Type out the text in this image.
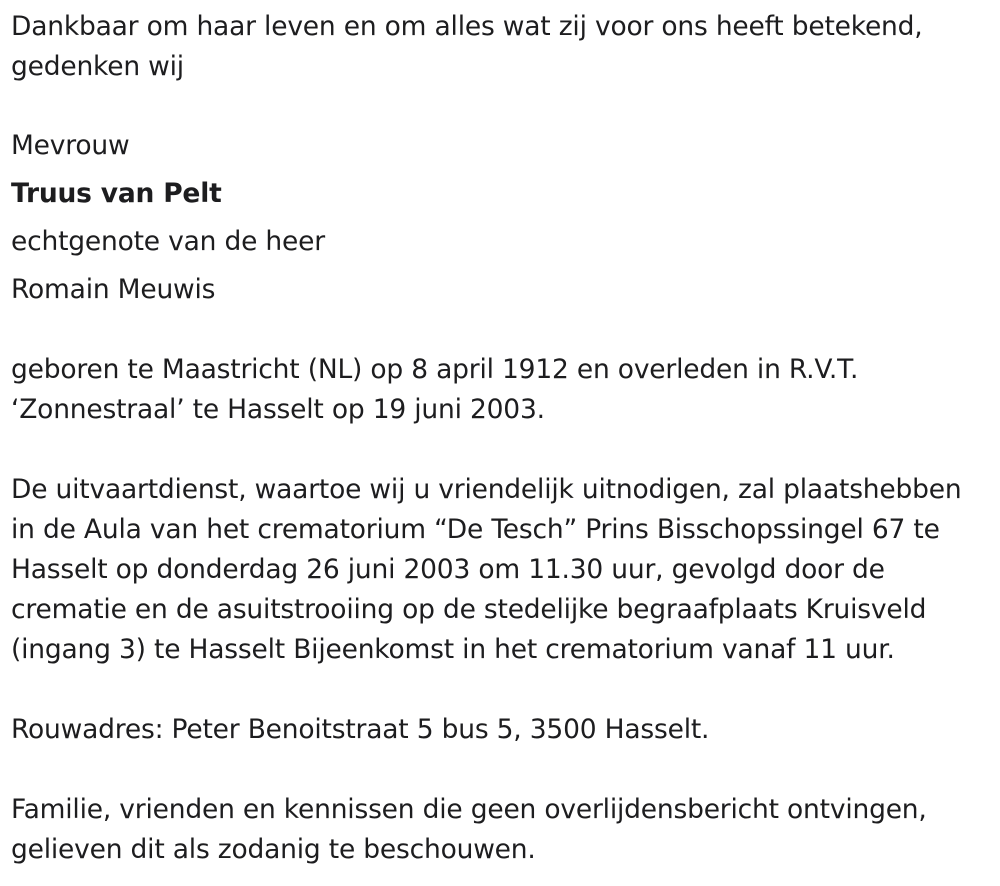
Dankbaar om haar leven en om alles wat zij voor ons heeft betekend,
gedenken wij
Mevrouw
Truus van Pelt
echtgenote van de heer
Romain Meuwis
geboren te Maastricht (NL) op 8 april 1912 en overleden in R.V.T.
‘Zonnestraal’ te Hasselt op 19 juni 2003.
De uitvaartdienst, waartoe wij u vriendelijk uitnodigen, zal plaatshebben
in de Aula van het crematorium “De Tesch” Prins Bisschopssingel 67 te
Hasselt op donderdag 26 juni 2003 om 11.30 uur, gevolgd door de
crematie en de asuitstrooiing op de stedelijke begraafplaats Kruisveld
(ingang 3) te Hasselt Bijeenkomst in het crematorium vanaf 11 uur.
Rouwadres: Peter Benoitstraat 5 bus 5, 3500 Hasselt.
Familie, vrienden en kennissen die geen overlijdensbericht ontvingen,
gelieven dit als zodanig te beschouwen.
